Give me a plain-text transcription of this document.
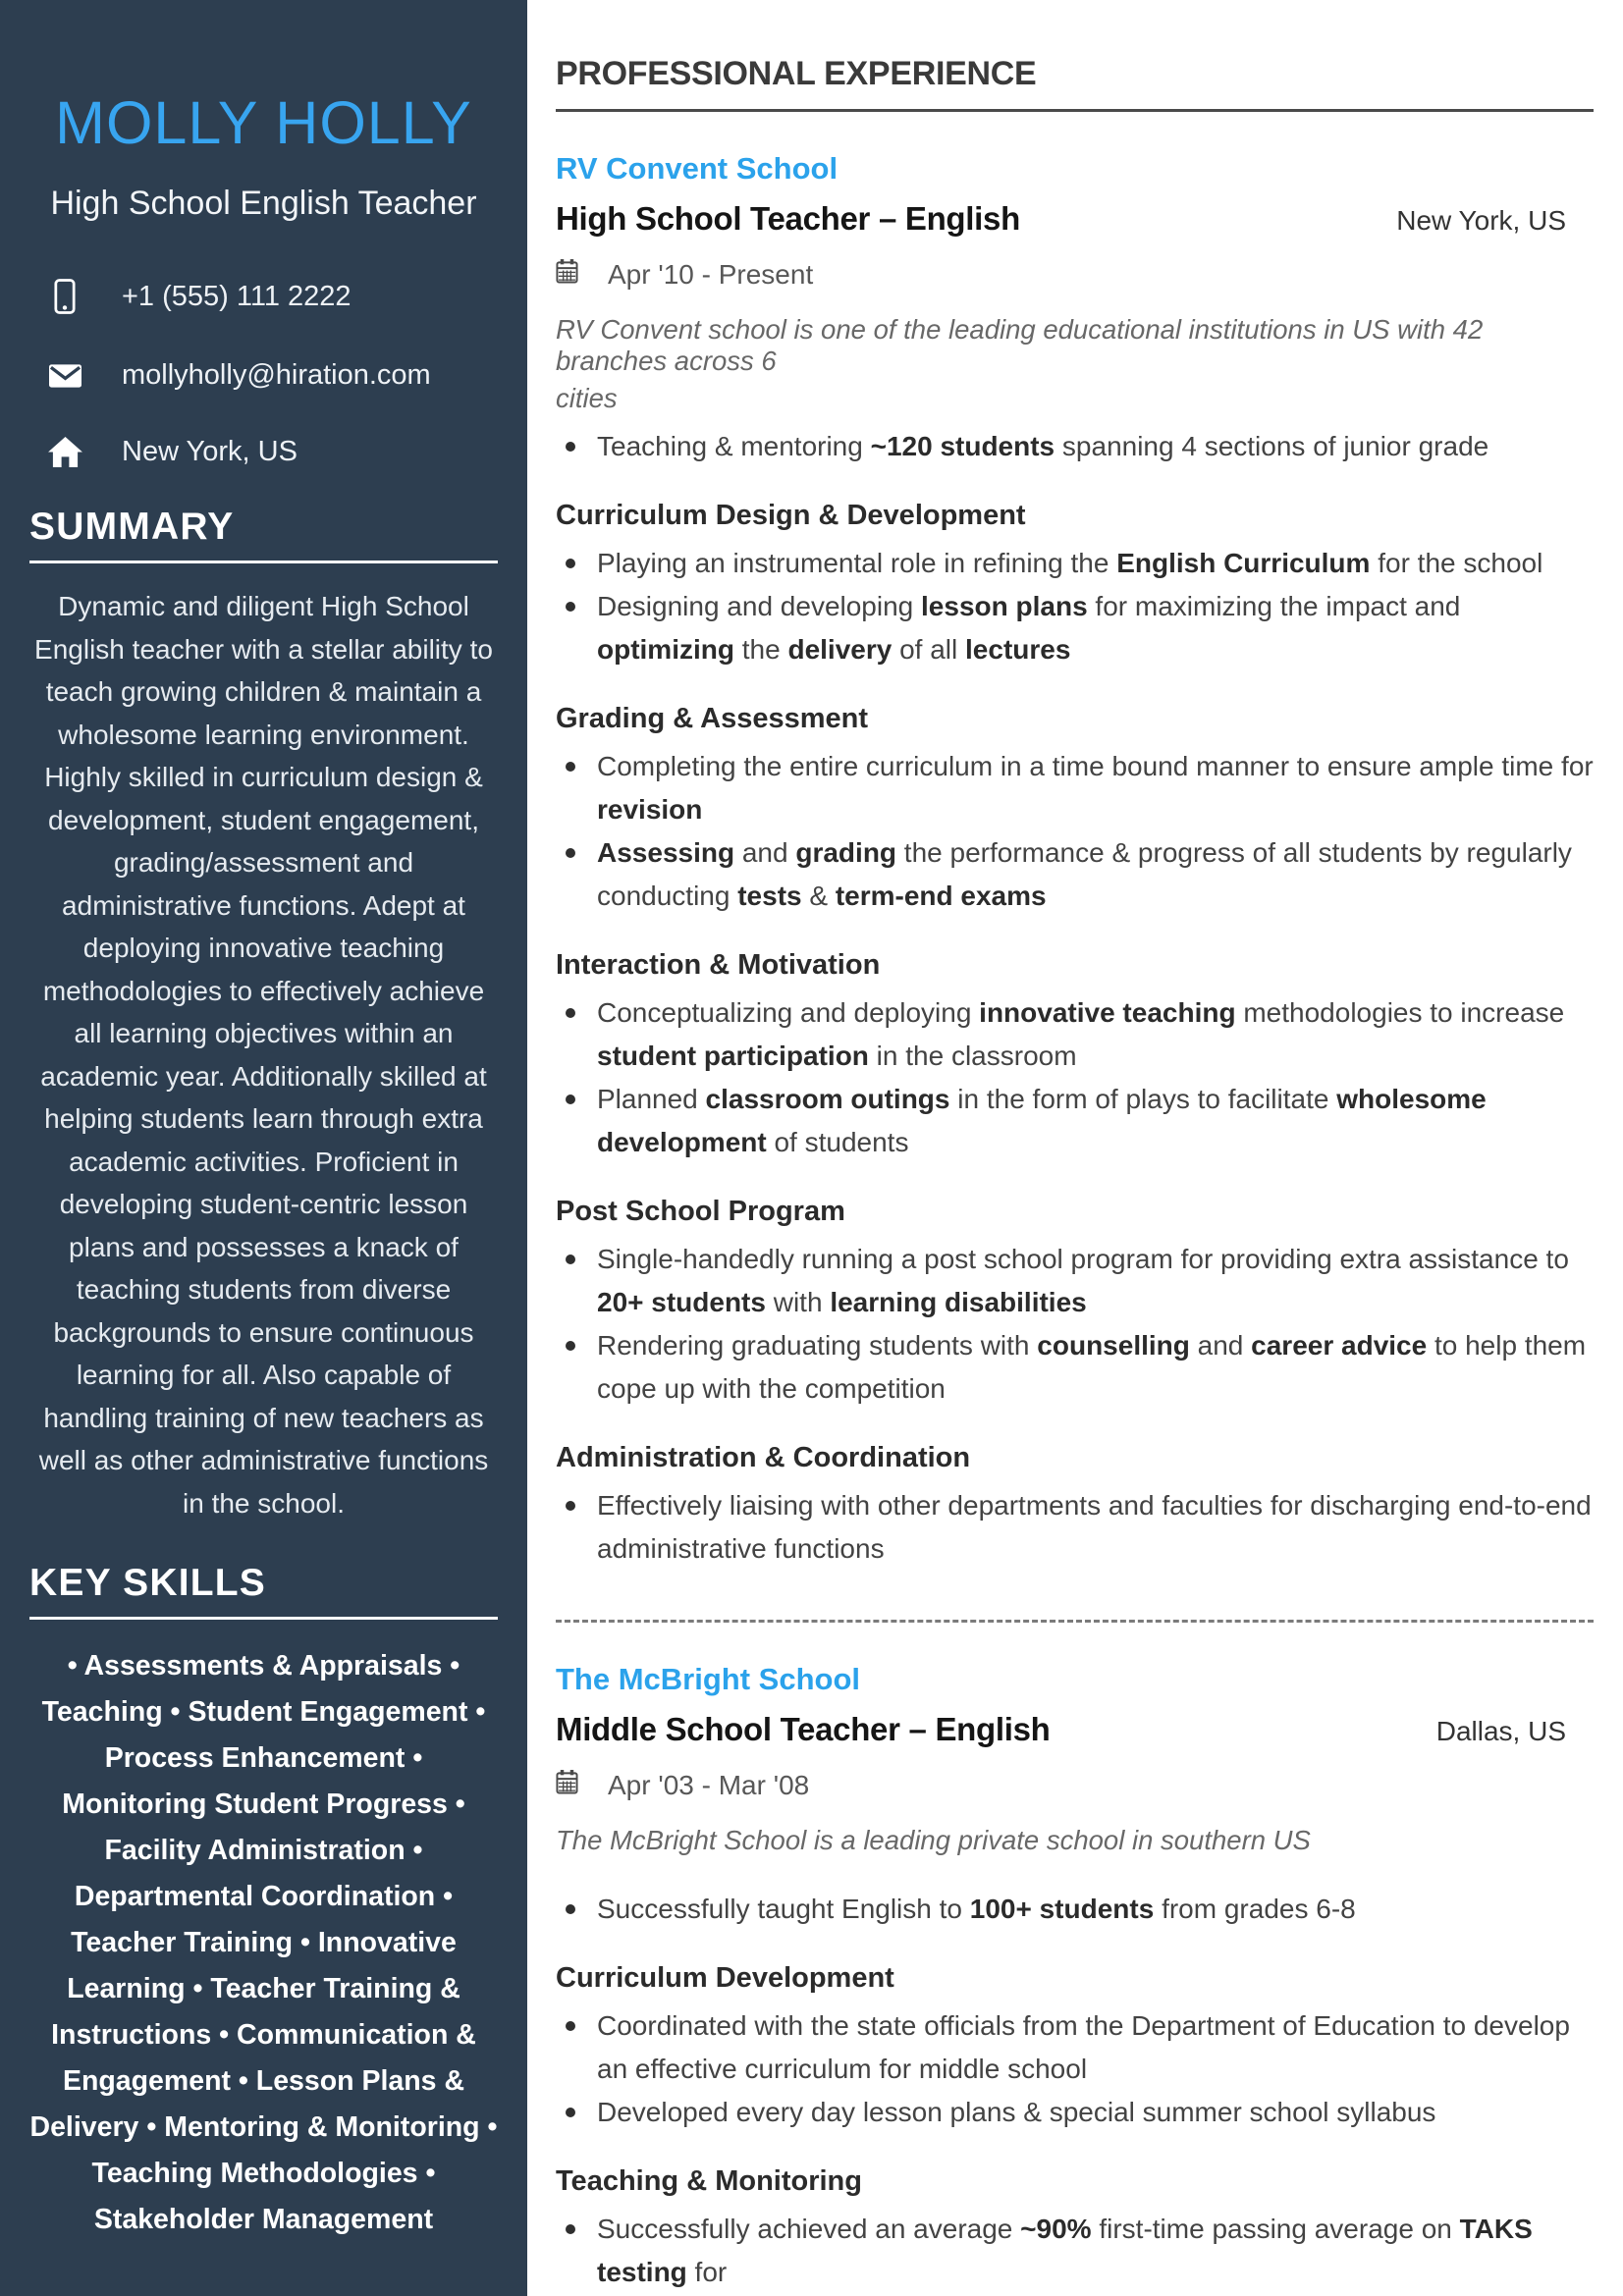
MOLLY HOLLY
High School English Teacher
+1 (555) 111 2222
mollyholly@hiration.com
New York, US
SUMMARY
Dynamic and diligent High School English teacher with a stellar ability to teach growing children & maintain a wholesome learning environment. Highly skilled in curriculum design & development, student engagement, grading/assessment and administrative functions. Adept at deploying innovative teaching methodologies to effectively achieve all learning objectives within an academic year. Additionally skilled at helping students learn through extra academic activities. Proficient in developing student-centric lesson plans and possesses a knack of teaching students from diverse backgrounds to ensure continuous learning for all. Also capable of handling training of new teachers as well as other administrative functions in the school.
KEY SKILLS
• Assessments & Appraisals • Teaching • Student Engagement • Process Enhancement • Monitoring Student Progress • Facility Administration • Departmental Coordination • Teacher Training • Innovative Learning • Teacher Training & Instructions • Communication & Engagement • Lesson Plans & Delivery • Mentoring & Monitoring • Teaching Methodologies • Stakeholder Management
PROFESSIONAL EXPERIENCE
RV Convent School
High School Teacher – English	New York, US
Apr '10 - Present
RV Convent school is one of the leading educational institutions in US with 42 branches across 6
cities
Teaching & mentoring ~120 students spanning 4 sections of junior grade
Curriculum Design & Development
Playing an instrumental role in refining the English Curriculum for the school
Designing and developing lesson plans for maximizing the impact and optimizing the delivery of all lectures
Grading & Assessment
Completing the entire curriculum in a time bound manner to ensure ample time for revision
Assessing and grading the performance & progress of all students by regularly conducting tests & term-end exams
Interaction & Motivation
Conceptualizing and deploying innovative teaching methodologies to increase student participation in the classroom
Planned classroom outings in the form of plays to facilitate wholesome development of students
Post School Program
Single-handedly running a post school program for providing extra assistance to 20+ students with learning disabilities
Rendering graduating students with counselling and career advice to help them cope up with the competition
Administration & Coordination
Effectively liaising with other departments and faculties for discharging end-to-end administrative functions
The McBright School
Middle School Teacher – English	Dallas, US
Apr '03 - Mar '08
The McBright School is a leading private school in southern US
Successfully taught English to 100+ students from grades 6-8
Curriculum Development
Coordinated with the state officials from the Department of Education to develop an effective curriculum for middle school
Developed every day lesson plans & special summer school syllabus
Teaching & Monitoring
Successfully achieved an average ~90% first-time passing average on TAKS testing for
